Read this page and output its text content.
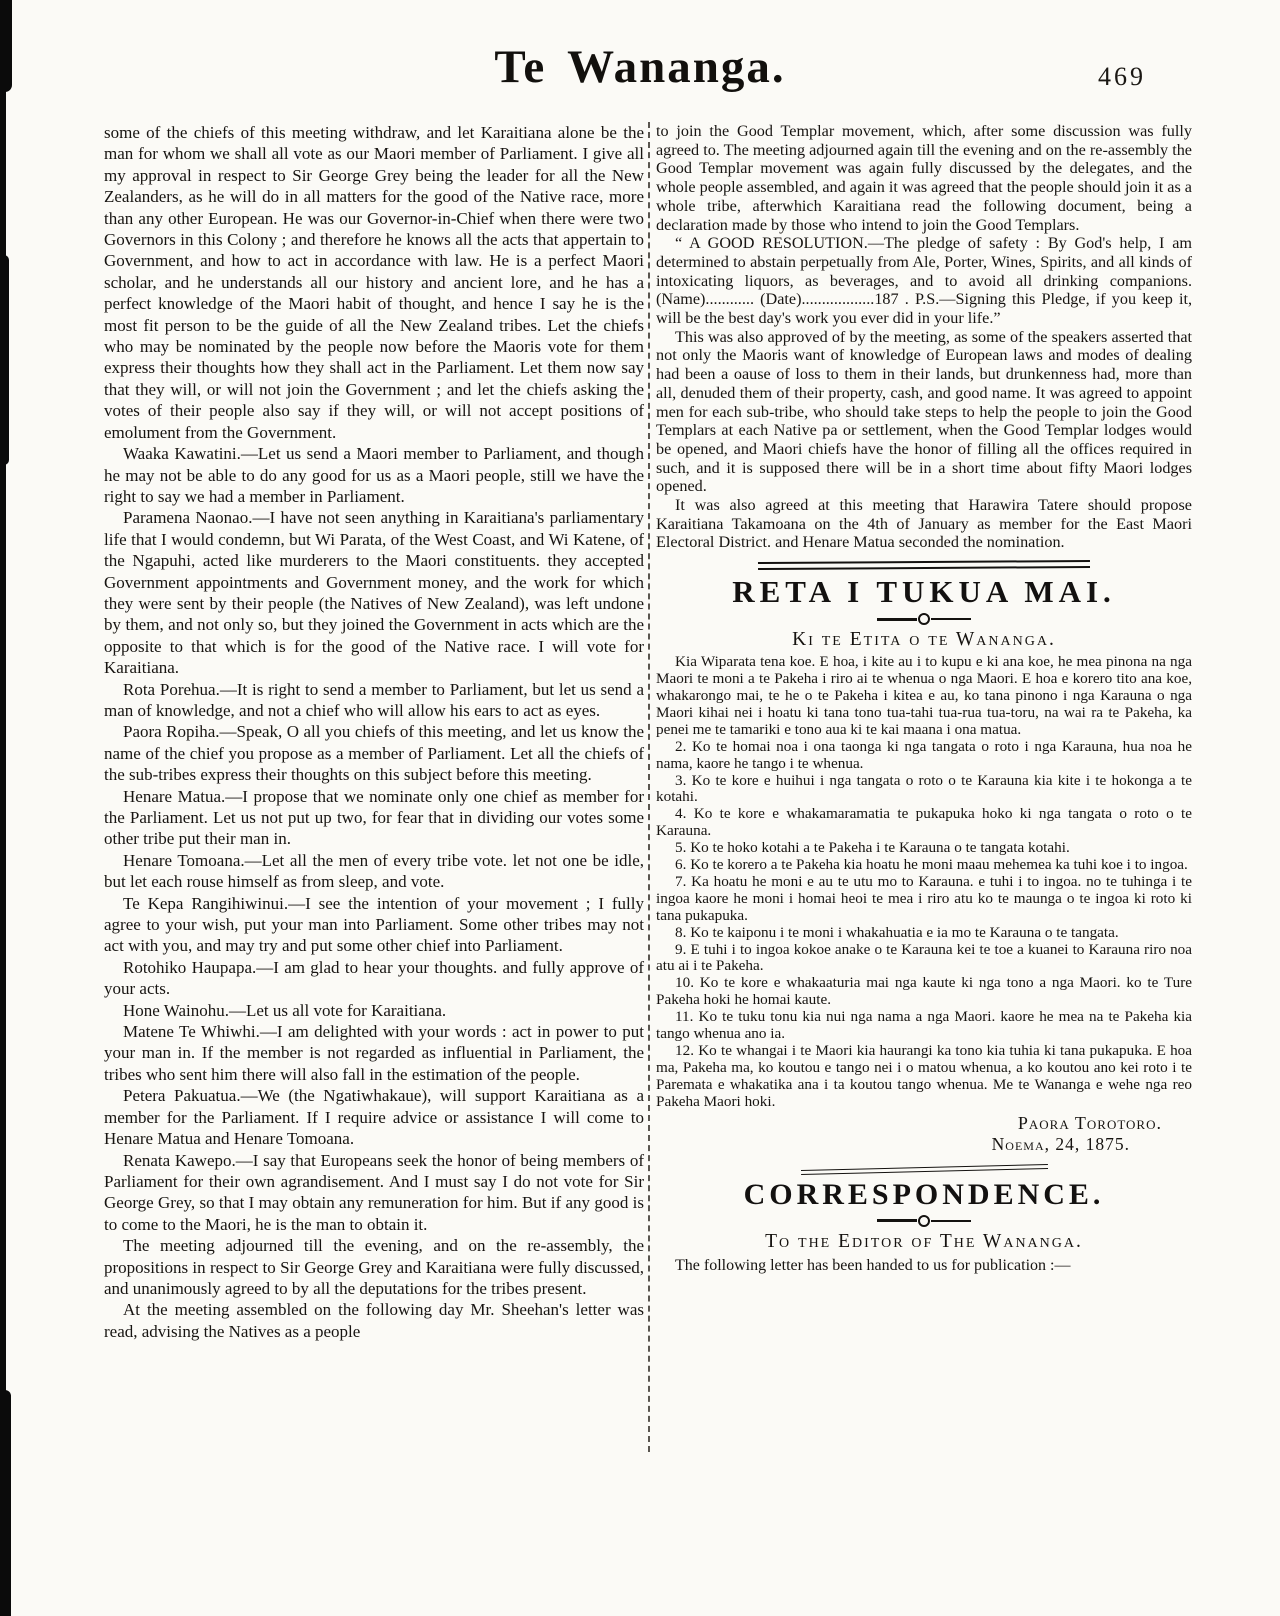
Te Wananga.	469

some of the chiefs of this meeting withdraw, and let Karaitiana alone be the man for whom we shall all vote as our Maori member of Parliament. I give all my approval in respect to Sir George Grey being the leader for all the New Zealanders, as he will do in all matters for the good of the Native race, more than any other European. He was our Governor-in-Chief when there were two Governors in this Colony ; and therefore he knows all the acts that appertain to Government, and how to act in accordance with law. He is a perfect Maori scholar, and he understands all our history and ancient lore, and he has a perfect knowledge of the Maori habit of thought, and hence I say he is the most fit person to be the guide of all the New Zealand tribes. Let the chiefs who may be nominated by the people now before the Maoris vote for them express their thoughts how they shall act in the Parliament. Let them now say that they will, or will not join the Government ; and let the chiefs asking the votes of their people also say if they will, or will not accept positions of emolument from the Government.

Waaka Kawatini.—Let us send a Maori member to Parliament, and though he may not be able to do any good for us as a Maori people, still we have the right to say we had a member in Parliament.

Paramena Naonao.—I have not seen anything in Karaitiana's parliamentary life that I would condemn, but Wi Parata, of the West Coast, and Wi Katene, of the Ngapuhi, acted like murderers to the Maori constituents. they accepted Government appointments and Government money, and the work for which they were sent by their people (the Natives of New Zealand), was left undone by them, and not only so, but they joined the Government in acts which are the opposite to that which is for the good of the Native race. I will vote for Karaitiana.

Rota Porehua.—It is right to send a member to Parliament, but let us send a man of knowledge, and not a chief who will allow his ears to act as eyes.

Paora Ropiha.—Speak, O all you chiefs of this meeting, and let us know the name of the chief you propose as a member of Parliament. Let all the chiefs of the sub-tribes express their thoughts on this subject before this meeting.

Henare Matua.—I propose that we nominate only one chief as member for the Parliament. Let us not put up two, for fear that in dividing our votes some other tribe put their man in.

Henare Tomoana.—Let all the men of every tribe vote. let not one be idle, but let each rouse himself as from sleep, and vote.

Te Kepa Rangihiwinui.—I see the intention of your movement ; I fully agree to your wish, put your man into Parliament. Some other tribes may not act with you, and may try and put some other chief into Parliament.

Rotohiko Haupapa.—I am glad to hear your thoughts. and fully approve of your acts.

Hone Wainohu.—Let us all vote for Karaitiana.

Matene Te Whiwhi.—I am delighted with your words : act in power to put your man in. If the member is not regarded as influential in Parliament, the tribes who sent him there will also fall in the estimation of the people.

Petera Pakuatua.—We (the Ngatiwhakaue), will support Karaitiana as a member for the Parliament. If I require advice or assistance I will come to Henare Matua and Henare Tomoana.

Renata Kawepo.—I say that Europeans seek the honor of being members of Parliament for their own agrandisement. And I must say I do not vote for Sir George Grey, so that I may obtain any remuneration for him. But if any good is to come to the Maori, he is the man to obtain it.

The meeting adjourned till the evening, and on the re-assembly, the propositions in respect to Sir George Grey and Karaitiana were fully discussed, and unanimously agreed to by all the deputations for the tribes present.

At the meeting assembled on the following day Mr. Sheehan's letter was read, advising the Natives as a people

to join the Good Templar movement, which, after some discussion was fully agreed to. The meeting adjourned again till the evening and on the re-assembly the Good Templar movement was again fully discussed by the delegates, and the whole people assembled, and again it was agreed that the people should join it as a whole tribe, afterwhich Karaitiana read the following document, being a declaration made by those who intend to join the Good Templars.

“ A GOOD RESOLUTION.—The pledge of safety : By God's help, I am determined to abstain perpetually from Ale, Porter, Wines, Spirits, and all kinds of intoxicating liquors, as beverages, and to avoid all drinking companions. (Name)............ (Date)..................187 . P.S.—Signing this Pledge, if you keep it, will be the best day's work you ever did in your life.”

This was also approved of by the meeting, as some of the speakers asserted that not only the Maoris want of knowledge of European laws and modes of dealing had been a oause of loss to them in their lands, but drunkenness had, more than all, denuded them of their property, cash, and good name. It was agreed to appoint men for each sub-tribe, who should take steps to help the people to join the Good Templars at each Native pa or settlement, when the Good Templar lodges would be opened, and Maori chiefs have the honor of filling all the offices required in such, and it is supposed there will be in a short time about fifty Maori lodges opened.

It was also agreed at this meeting that Harawira Tatere should propose Karaitiana Takamoana on the 4th of January as member for the East Maori Electoral District. and Henare Matua seconded the nomination.

RETA I TUKUA MAI.
Ki te Etita o te Wananga.

Kia Wiparata tena koe. E hoa, i kite au i to kupu e ki ana koe, he mea pinona na nga Maori te moni a te Pakeha i riro ai te whenua o nga Maori. E hoa e korero tito ana koe, whakarongo mai, te he o te Pakeha i kitea e au, ko tana pinono i nga Karauna o nga Maori kihai nei i hoatu ki tana tono tua-tahi tua-rua tua-toru, na wai ra te Pakeha, ka penei me te tamariki e tono aua ki te kai maana i ona matua.

2. Ko te homai noa i ona taonga ki nga tangata o roto i nga Karauna, hua noa he nama, kaore he tango i te whenua.

3. Ko te kore e huihui i nga tangata o roto o te Karauna kia kite i te hokonga a te kotahi.

4. Ko te kore e whakamaramatia te pukapuka hoko ki nga tangata o roto o te Karauna.

5. Ko te hoko kotahi a te Pakeha i te Karauna o te tangata kotahi.

6. Ko te korero a te Pakeha kia hoatu he moni maau mehemea ka tuhi koe i to ingoa.

7. Ka hoatu he moni e au te utu mo to Karauna. e tuhi i to ingoa. no te tuhinga i te ingoa kaore he moni i homai heoi te mea i riro atu ko te maunga o te ingoa ki roto ki tana pukapuka.

8. Ko te kaiponu i te moni i whakahuatia e ia mo te Karauna o te tangata.

9. E tuhi i to ingoa kokoe anake o te Karauna kei te toe a kuanei to Karauna riro noa atu ai i te Pakeha.

10. Ko te kore e whakaaturia mai nga kaute ki nga tono a nga Maori. ko te Ture Pakeha hoki he homai kaute.

11. Ko te tuku tonu kia nui nga nama a nga Maori. kaore he mea na te Pakeha kia tango whenua ano ia.

12. Ko te whangai i te Maori kia haurangi ka tono kia tuhia ki tana pukapuka. E hoa ma, Pakeha ma, ko koutou e tango nei i o matou whenua, a ko koutou ano kei roto i te Paremata e whakatika ana i ta koutou tango whenua. Me te Wananga e wehe nga reo Pakeha Maori hoki.

Paora Torotoro.
Noema, 24, 1875.
CORRESPONDENCE.
To the Editor of The Wananga.

The following letter has been handed to us for publication :—
